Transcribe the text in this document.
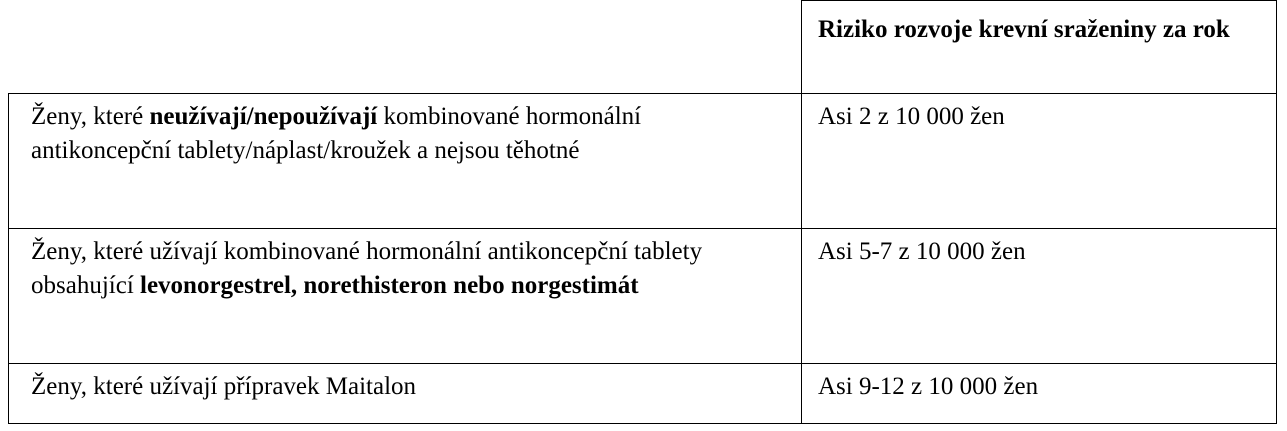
	Riziko rozvoje krevní sraženiny za rok

Ženy, které neužívají/nepoužívají kombinované hormonální antikoncepční tablety/náplast/kroužek a nejsou těhotné	Asi 2 z 10 000 žen

Ženy, které užívají kombinované hormonální antikoncepční tablety obsahující levonorgestrel, norethisteron nebo norgestimát	Asi 5-7 z 10 000 žen

Ženy, které užívají přípravek Maitalon	Asi 9-12 z 10 000 žen
